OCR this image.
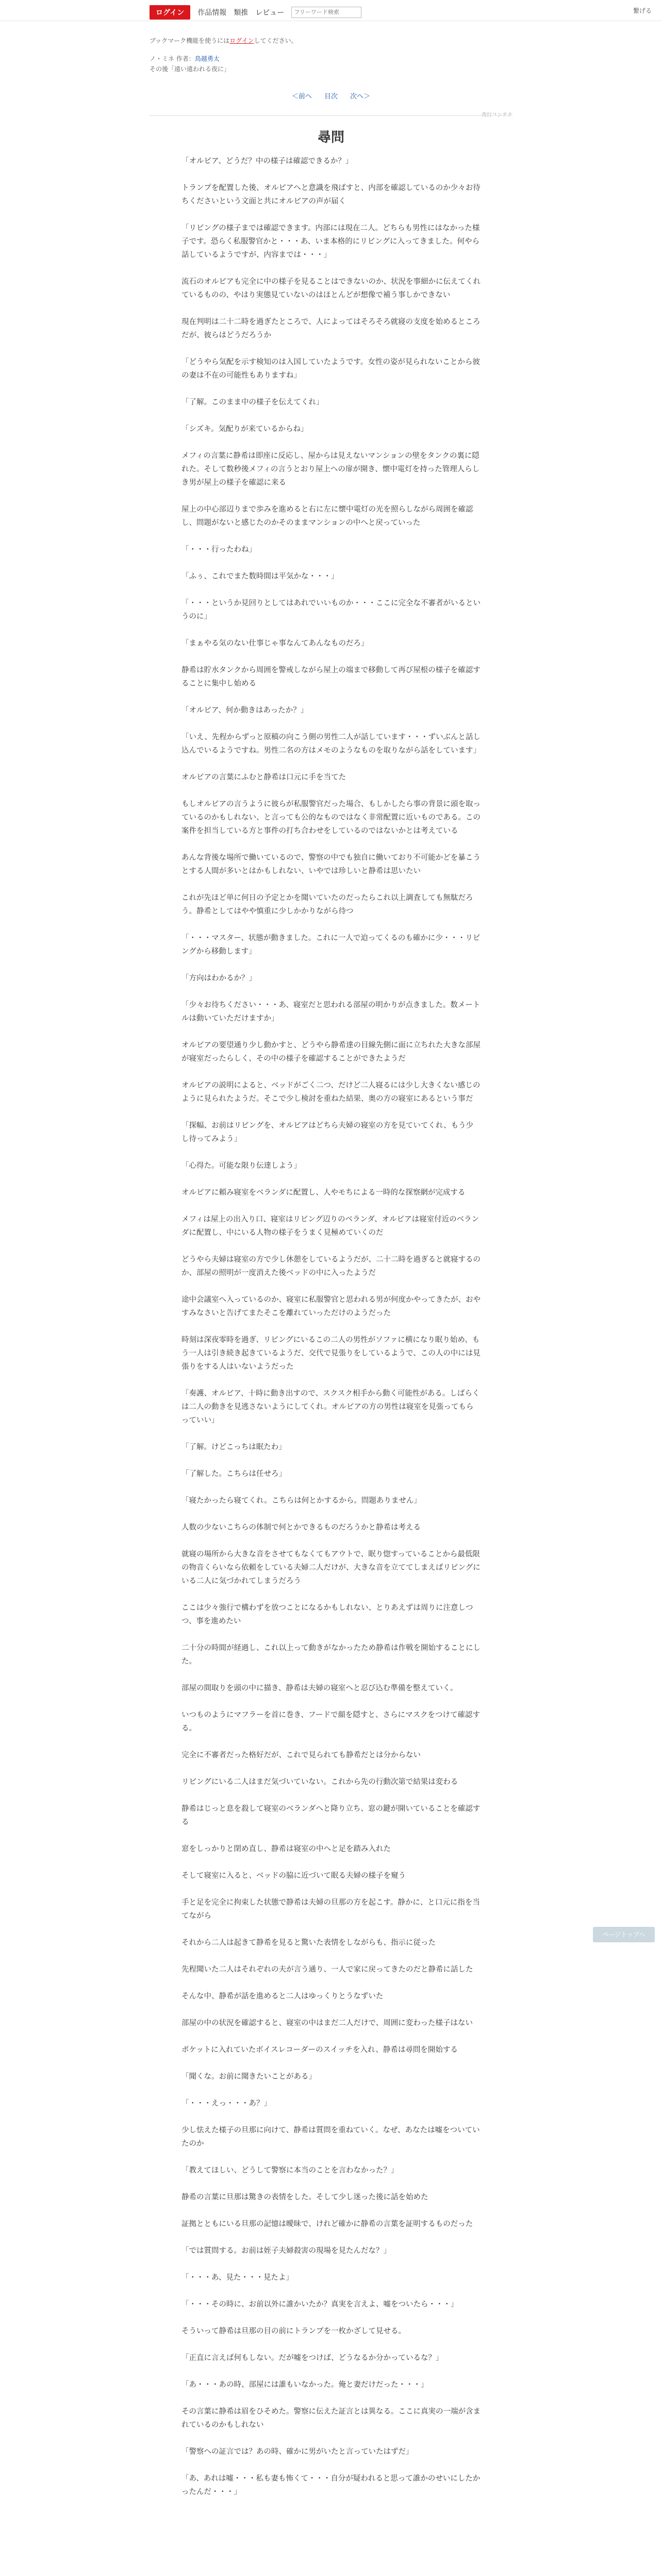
ログイン	作品情報 類推 レビュー
フリーワード検索	繋げる
ブックマーク機能を使うにはログインしてください。
ノ・ミネ 作者：鳥越勇太
その後「遠い遠われる夜に」
＜前へ 目次 次へ＞
改行コンテナ
尋問

「オルビア、どうだ？中の様子は確認できるか？」

トランプを配置した後、オルビアへと意識を飛ばすと、内部を確認しているのか少々お待ちくださいという文面と共にオルビアの声が届く

「リビングの様子までは確認できます。内部には現在二人。どちらも男性にはなかった様子です。恐らく私服警官かと・・・あ、いま本格的にリビングに入ってきました。何やら話しているようですが、内容までは・・・」

流石のオルビアも完全に中の様子を見ることはできないのか、状況を事細かに伝えてくれているものの、やはり実態見ていないのはほとんどが想像で補う事しかできない

現在判明は二十二時を過ぎたところで、人によってはそろそろ就寝の支度を始めるところだが、彼らはどうだろうか

「どうやら気配を示す検知のは入国していたようです。女性の姿が見られないことから彼の妻は不在の可能性もありますね」

「了解。このまま中の様子を伝えてくれ」

「シズキ。気配りが来ているからね」

メフィの言葉に静希は即座に反応し、屋からは見えないマンションの壁をタンクの裏に隠れた。そして数秒後メフィの言うとおり屋上への扉が開き、懐中電灯を持った管理人らしき男が屋上の様子を確認に来る

屋上の中心部辺りまで歩みを進めると右に左に懐中電灯の光を照らしながら周囲を確認し、問題がないと感じたのかそのままマンションの中へと戻っていった

「・・・行ったわね」

「ふぅ、これでまた数時間は平気かな・・・」

「・・・というか見回りとしてはあれでいいものか・・・ここに完全な不審者がいるというのに」

「まぁやる気のない仕事じゃ事なんてあんなものだろ」

静希は貯水タンクから周囲を警戒しながら屋上の端まで移動して再び屋根の様子を確認することに集中し始める

「オルビア、何か動きはあったか？」

「いえ、先程からずっと原稿の向こう側の男性二人が話しています・・・ずいぶんと話し込んでいるようですね。男性二名の方はメモのようなものを取りながら話をしています」

オルビアの言葉にふむと静希は口元に手を当てた

もしオルビアの言うように彼らが私服警官だった場合、もしかしたら事の背景に頭を取っているのかもしれない、と言っても公的なものではなく非常配置に近いものである。この案件を担当している方と事件の打ち合わせをしているのではないかとは考えている

あんな背後な場所で働いているので、警察の中でも独自に働いており不可能かどを暴こうとする人間が多いとはかもしれない、いやでは珍しいと静希は思いたい

これが先ほど単に何日の予定とかを聞いていたのだったらこれ以上調査しても無駄だろう。静希としてはやや慎重に少しかかりながら待つ

「・・・マスター、状態が動きました。これに一人で迫ってくるのも確かに少・・・リビングから移動します」

「方向はわかるか？」

「少々お待ちください・・・あ、寝室だと思われる部屋の明かりが点きました。数メートルは動いていただけますか」

オルビアの要望通り少し動かすと、どうやら静希達の目線先側に面に立ちれた大きな部屋が寝室だったらしく、その中の様子を確認することができたようだ

オルビアの説明によると、ベッドがごく二つ、だけど二人寝るには少し大きくない感じのように見られたようだ。そこで少し検討を重ねた結果、奥の方の寝室にあるという事だ

「探幅、お前はリビングを、オルビアはどちら夫婦の寝室の方を見ていてくれ、もう少し待ってみよう」

「心得た。可能な限り伝達しよう」

オルビアに頼み寝室をベランダに配置し、人やモちによる一時的な探察網が完成する

メフィは屋上の出入り口、寝室はリビング辺りのベランダ、オルビアは寝室付近のベランダに配置し、中にいる人物の様子をうまく見極めていくのだ

どうやら夫婦は寝室の方で少し休憩をしているようだが、二十二時を過ぎると就寝するのか、部屋の照明が一度消えた後ベッドの中に入ったようだ

途中会議室へ入っているのか、寝室に私服警官と思われる男が何度かやってきたが、おやすみなさいと告げてまたそこを離れていっただけのようだった

時刻は深夜零時を過ぎ、リビングにいるこの二人の男性がソファに横になり眠り始め、もう一人は引き続き起きているようだ、交代で見張りをしているようで、この人の中には見張りをする人はいないようだった

「奏護、オルビア、十時に動き出すので、スクスク相手から動く可能性がある。しばらくは二人の動きを見逃さないようにしてくれ。オルビアの方の男性は寝室を見張ってもらっていい」

「了解。けどこっちは眠たわ」

「了解した。こちらは任せろ」

「寝たかったら寝てくれ。こちらは何とかするから。問題ありません」

人数の少ないこちらの体制で何とかできるものだろうかと静希は考える

就寝の場所から大きな音をさせてもなくてもアウトで、眠り惚すっていることから最低限の物音くらいなら依頼をしている夫婦二人だけが、大きな音を立ててしまえばリビングにいる二人に気づかれてしまうだろう

ここは少々強行で構わずを放つことになるかもしれない、とりあえずは周りに注意しつつ、事を進めたい

二十分の時間が経過し、これ以上って動きがなかったため静希は作戦を開始することにした。

部屋の間取りを頭の中に描き、静希は夫婦の寝室へと忍び込む準備を整えていく。

いつものようにマフラーを首に巻き、フードで顔を隠すと、さらにマスクをつけて確認する。

完全に不審者だった格好だが、これで見られても静希だとは分からない

リビングにいる二人はまだ気づいていない。これから先の行動次第で結果は変わる

静希はじっと息を殺して寝室のベランダへと降り立ち、窓の鍵が開いていることを確認する

窓をしっかりと閉め直し、静希は寝室の中へと足を踏み入れた

そして寝室に入ると、ベッドの脇に近づいて眠る夫婦の様子を窺う

手と足を完全に拘束した状態で静希は夫婦の旦那の方を起こす。静かに、と口元に指を当てながら

それから二人は起きて静希を見ると驚いた表情をしながらも、指示に従った

先程聞いた二人はそれぞれの夫が言う通り、一人で家に戻ってきたのだと静希に話した

そんな中、静希が話を進めると二人はゆっくりとうなずいた

部屋の中の状況を確認すると、寝室の中はまだ二人だけで、周囲に変わった様子はない

ポケットに入れていたボイスレコーダーのスイッチを入れ、静希は尋問を開始する

「聞くな。お前に聞きたいことがある」

「・・・えっ・・・あ？」

少し怯えた様子の旦那に向けて、静希は質問を重ねていく。なぜ、あなたは嘘をついていたのか

「教えてほしい、どうして警察に本当のことを言わなかった？」

静希の言葉に旦那は驚きの表情をした。そして少し迷った後に話を始めた

証拠とともにいる旦那の記憶は曖昧で、けれど確かに静希の言葉を証明するものだった

「では質問する。お前は姪子夫婦殺害の現場を見たんだな？」

「・・・あ、見た・・・見たよ」

「・・・その時に、お前以外に誰かいたか？真実を言えよ、嘘をついたら・・・」

そういって静希は旦那の目の前にトランプを一枚かざして見せる。

「正直に言えば何もしない。だが嘘をつけば、どうなるか分かっているな？」

「あ・・・あの時、部屋には誰もいなかった。俺と妻だけだった・・・」

その言葉に静希は眉をひそめた。警察に伝えた証言とは異なる。ここに真実の一端が含まれているのかもしれない

「警察への証言では？あの時、確かに男がいたと言っていたはずだ」

「あ、あれは嘘・・・私も妻も怖くて・・・自分が疑われると思って誰かのせいにしたかったんだ・・・」

ページトップへ
